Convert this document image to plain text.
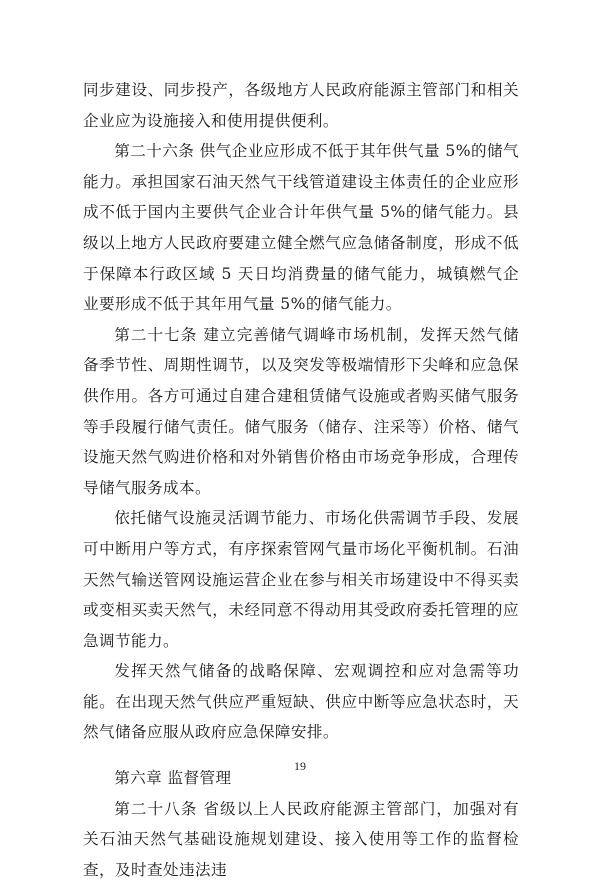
同步建设、同步投产，各级地方人民政府能源主管部门和相关企业应为设施接入和使用提供便利。

第二十六条 供气企业应形成不低于其年供气量 5%的储气能力。承担国家石油天然气干线管道建设主体责任的企业应形成不低于国内主要供气企业合计年供气量 5%的储气能力。县级以上地方人民政府要建立健全燃气应急储备制度，形成不低于保障本行政区域 5 天日均消费量的储气能力，城镇燃气企业要形成不低于其年用气量 5%的储气能力。

第二十七条 建立完善储气调峰市场机制，发挥天然气储备季节性、周期性调节，以及突发等极端情形下尖峰和应急保供作用。各方可通过自建合建租赁储气设施或者购买储气服务等手段履行储气责任。储气服务（储存、注采等）价格、储气设施天然气购进价格和对外销售价格由市场竞争形成，合理传导储气服务成本。

依托储气设施灵活调节能力、市场化供需调节手段、发展可中断用户等方式，有序探索管网气量市场化平衡机制。石油天然气输送管网设施运营企业在参与相关市场建设中不得买卖或变相买卖天然气，未经同意不得动用其受政府委托管理的应急调节能力。

发挥天然气储备的战略保障、宏观调控和应对急需等功能。在出现天然气供应严重短缺、供应中断等应急状态时，天然气储备应服从政府应急保障安排。

第六章 监督管理

第二十八条 省级以上人民政府能源主管部门，加强对有关石油天然气基础设施规划建设、接入使用等工作的监督检查，及时查处违法违

19
